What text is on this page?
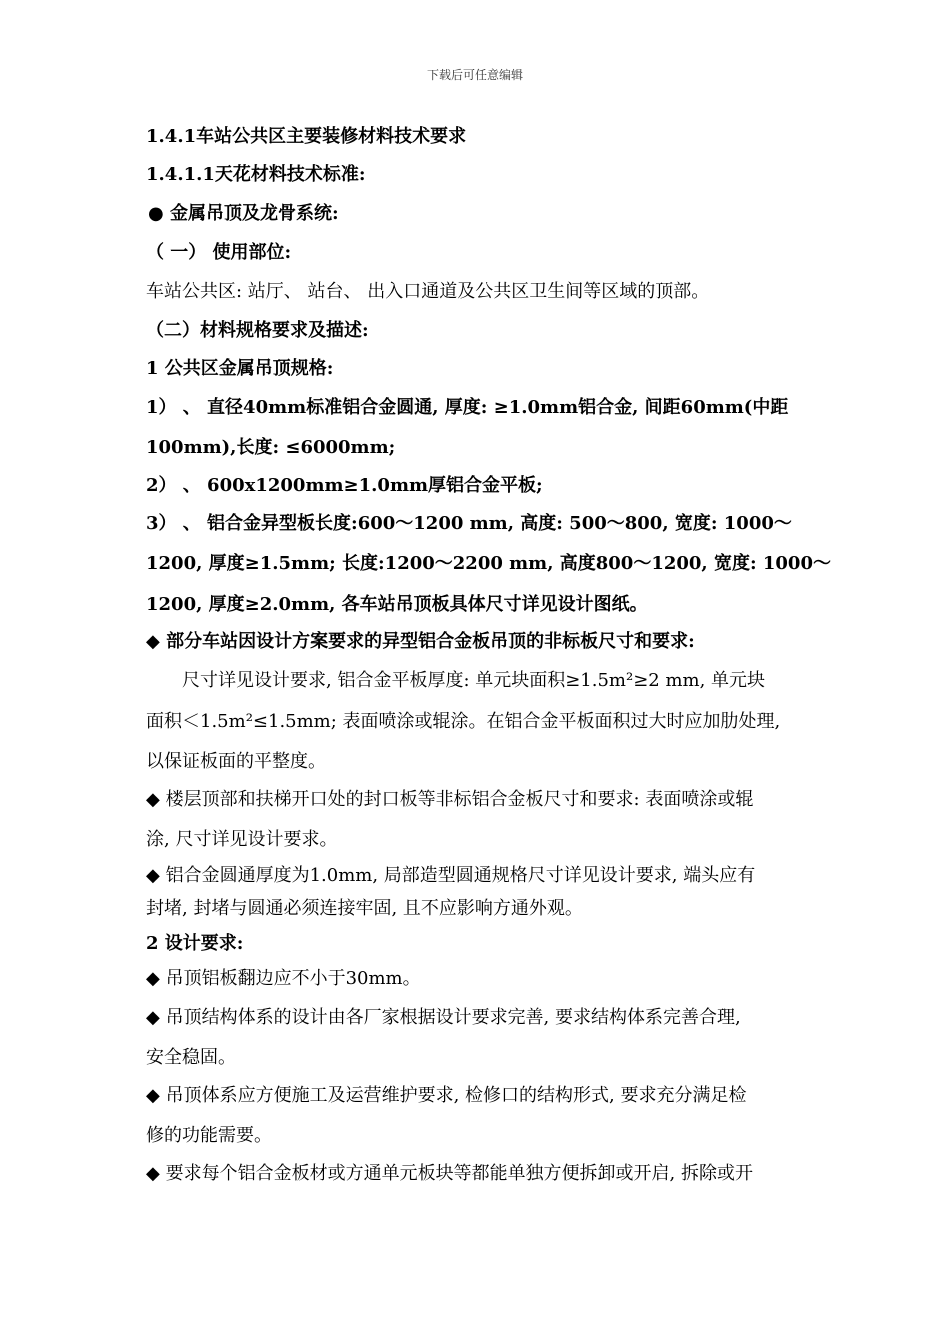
下载后可任意编辑
1.4.1车站公共区主要装修材料技术要求
1.4.1.1天花材料技术标准:
● 金属吊顶及龙骨系统:
（ 一） 使用部位:
车站公共区: 站厅、 站台、 出入口通道及公共区卫生间等区域的顶部。
（二）材料规格要求及描述:
1 公共区金属吊顶规格:
1） 、 直径40mm标准铝合金圆通, 厚度: ≥1.0mm铝合金, 间距60mm(中距
100mm),长度: ≤6000mm;
2） 、 600x1200mm≥1.0mm厚铝合金平板;
3） 、 铝合金异型板长度:600～1200 mm, 高度: 500～800, 宽度: 1000～
1200, 厚度≥1.5mm; 长度:1200～2200 mm, 高度800～1200, 宽度: 1000～
1200, 厚度≥2.0mm, 各车站吊顶板具体尺寸详见设计图纸。
◆ 部分车站因设计方案要求的异型铝合金板吊顶的非标板尺寸和要求:
尺寸详见设计要求, 铝合金平板厚度: 单元块面积≥1.5m²≥2 mm, 单元块
面积＜1.5m²≤1.5mm; 表面喷涂或辊涂。在铝合金平板面积过大时应加肋处理,
以保证板面的平整度。
◆ 楼层顶部和扶梯开口处的封口板等非标铝合金板尺寸和要求: 表面喷涂或辊
涂, 尺寸详见设计要求。
◆ 铝合金圆通厚度为1.0mm, 局部造型圆通规格尺寸详见设计要求, 端头应有
封堵, 封堵与圆通必须连接牢固, 且不应影响方通外观。
2 设计要求:
◆ 吊顶铝板翻边应不小于30mm。
◆ 吊顶结构体系的设计由各厂家根据设计要求完善, 要求结构体系完善合理,
安全稳固。
◆ 吊顶体系应方便施工及运营维护要求, 检修口的结构形式, 要求充分满足检
修的功能需要。
◆ 要求每个铝合金板材或方通单元板块等都能单独方便拆卸或开启, 拆除或开
